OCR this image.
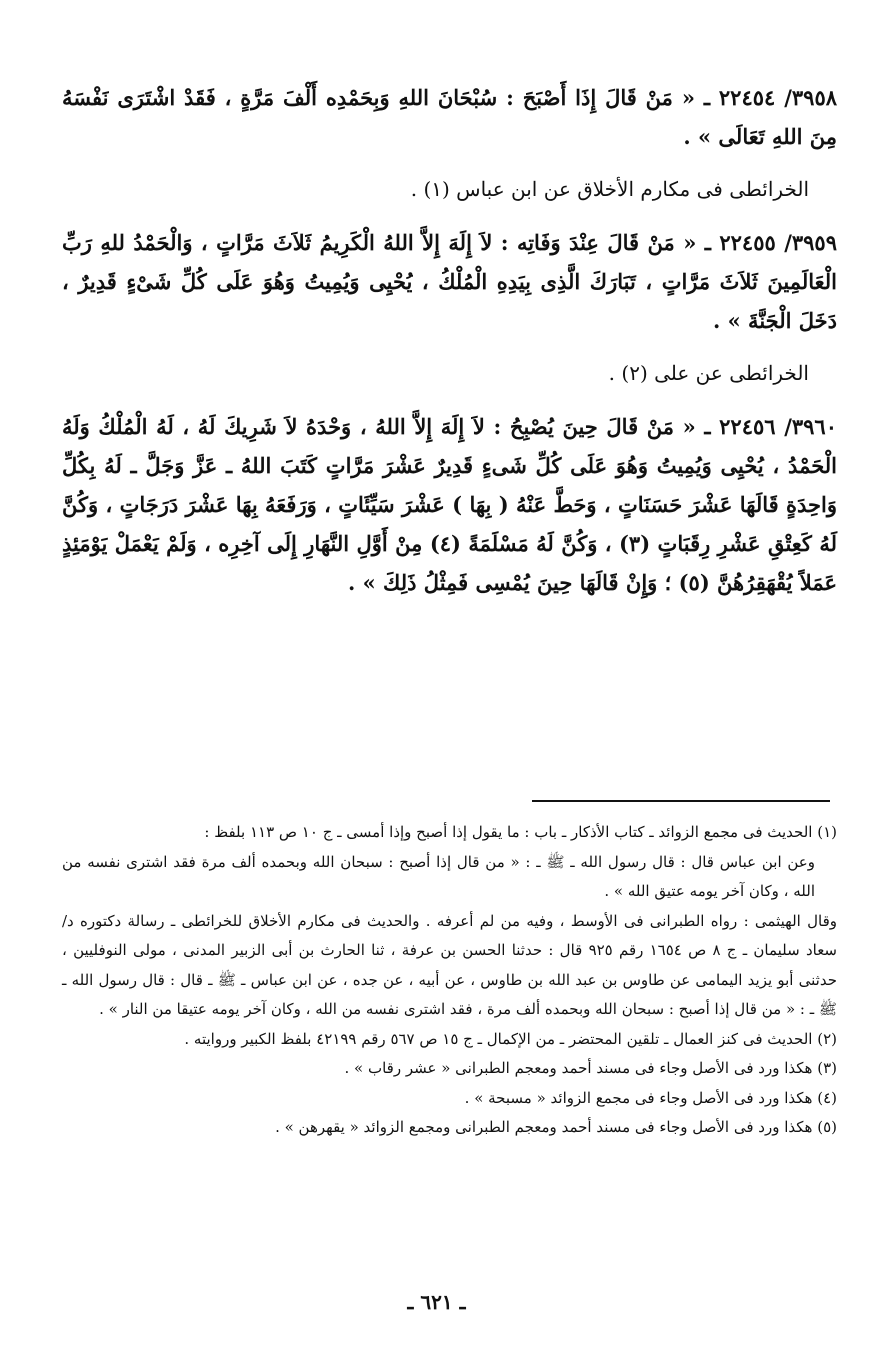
٣٩٥٨/ ٢٢٤٥٤ ـ « مَنْ قَالَ إِذَا أَصْبَحَ : سُبْحَانَ اللهِ وَبِحَمْدِه أَلْفَ مَرَّةٍ ، فَقَدْ اشْتَرَى نَفْسَهُ مِنَ اللهِ تَعَالَى » .

الخرائطى فى مكارم الأخلاق عن ابن عباس (١) .

٣٩٥٩/ ٢٢٤٥٥ ـ « مَنْ قَالَ عِنْدَ وَفَاتِه : لاَ إِلَهَ إِلاَّ اللهُ الْكَرِيمُ ثَلاَثَ مَرَّاتٍ ، وَالْحَمْدُ للهِ رَبِّ الْعَالَمِينَ ثَلاَثَ مَرَّاتٍ ، تَبَارَكَ الَّذِى بِيَدِهِ الْمُلْكُ ، يُحْيِى وَيُمِيتُ وَهُوَ عَلَى كُلِّ شَىْءٍ قَدِيرٌ ، دَخَلَ الْجَنَّةَ » .

الخرائطى عن على (٢) .

٣٩٦٠/ ٢٢٤٥٦ ـ « مَنْ قَالَ حِينَ يُصْبِحُ : لاَ إِلَهَ إِلاَّ اللهُ ، وَحْدَهُ لاَ شَرِيكَ لَهُ ، لَهُ الْمُلْكُ وَلَهُ الْحَمْدُ ، يُحْيِى وَيُمِيتُ وَهُوَ عَلَى كُلِّ شَىءٍ قَدِيرٌ عَشْرَ مَرَّاتٍ كَتَبَ اللهُ ـ عَزَّ وَجَلَّ ـ لَهُ بِكُلِّ وَاحِدَةٍ قَالَهَا عَشْرَ حَسَنَاتٍ ، وَحَطَّ عَنْهُ ( بِهَا ) عَشْرَ سَيِّئَاتٍ ، وَرَفَعَهُ بِهَا عَشْرَ دَرَجَاتٍ ، وَكُنَّ لَهُ كَعِتْقِ عَشْرِ رِقَبَاتٍ (٣) ، وَكُنَّ لَهُ مَسْلَمَةً (٤) مِنْ أَوَّلِ النَّهَارِ إِلَى آخِرِه ، وَلَمْ يَعْمَلْ يَوْمَئِذٍ عَمَلاً يُقْهَقِرُهُنَّ (٥) ؛ وَإِنْ قَالَهَا حِينَ يُمْسِى فَمِثْلُ ذَلِكَ » .

(١) الحديث فى مجمع الزوائد ـ كتاب الأذكار ـ باب : ما يقول إذا أصبح وإذا أمسى ـ ج ١٠ ص ١١٣ بلفظ :

وعن ابن عباس قال : قال رسول الله ـ ﷺ ـ : « من قال إذا أصبح : سبحان الله وبحمده ألف مرة فقد اشترى نفسه من الله ، وكان آخر يومه عتيق الله » .

وقال الهيثمى : رواه الطبرانى فى الأوسط ، وفيه من لم أعرفه . والحديث فى مكارم الأخلاق للخرائطى ـ رسالة دكتوره د/ سعاد سليمان ـ ج ٨ ص ١٦٥٤ رقم ٩٢٥ قال : حدثنا الحسن بن عرفة ، ثنا الحارث بن أبى الزبير المدنى ، مولى النوفليين ، حدثنى أبو يزيد اليمامى عن طاوس بن عبد الله بن طاوس ، عن أبيه ، عن جده ، عن ابن عباس ـ ﷺ ـ قال : قال رسول الله ـ ﷺ ـ : « من قال إذا أصبح : سبحان الله وبحمده ألف مرة ، فقد اشترى نفسه من الله ، وكان آخر يومه عتيقا من النار » .

(٢) الحديث فى كنز العمال ـ تلقين المحتضر ـ من الإكمال ـ ج ١٥ ص ٥٦٧ رقم ٤٢١٩٩ بلفظ الكبير وروايته .

(٣) هكذا ورد فى الأصل وجاء فى مسند أحمد ومعجم الطبرانى « عشر رقاب » .

(٤) هكذا ورد فى الأصل وجاء فى مجمع الزوائد « مسبحة » .

(٥) هكذا ورد فى الأصل وجاء فى مسند أحمد ومعجم الطبرانى ومجمع الزوائد « يقهرهن » .

ـ ٦٢١ ـ
